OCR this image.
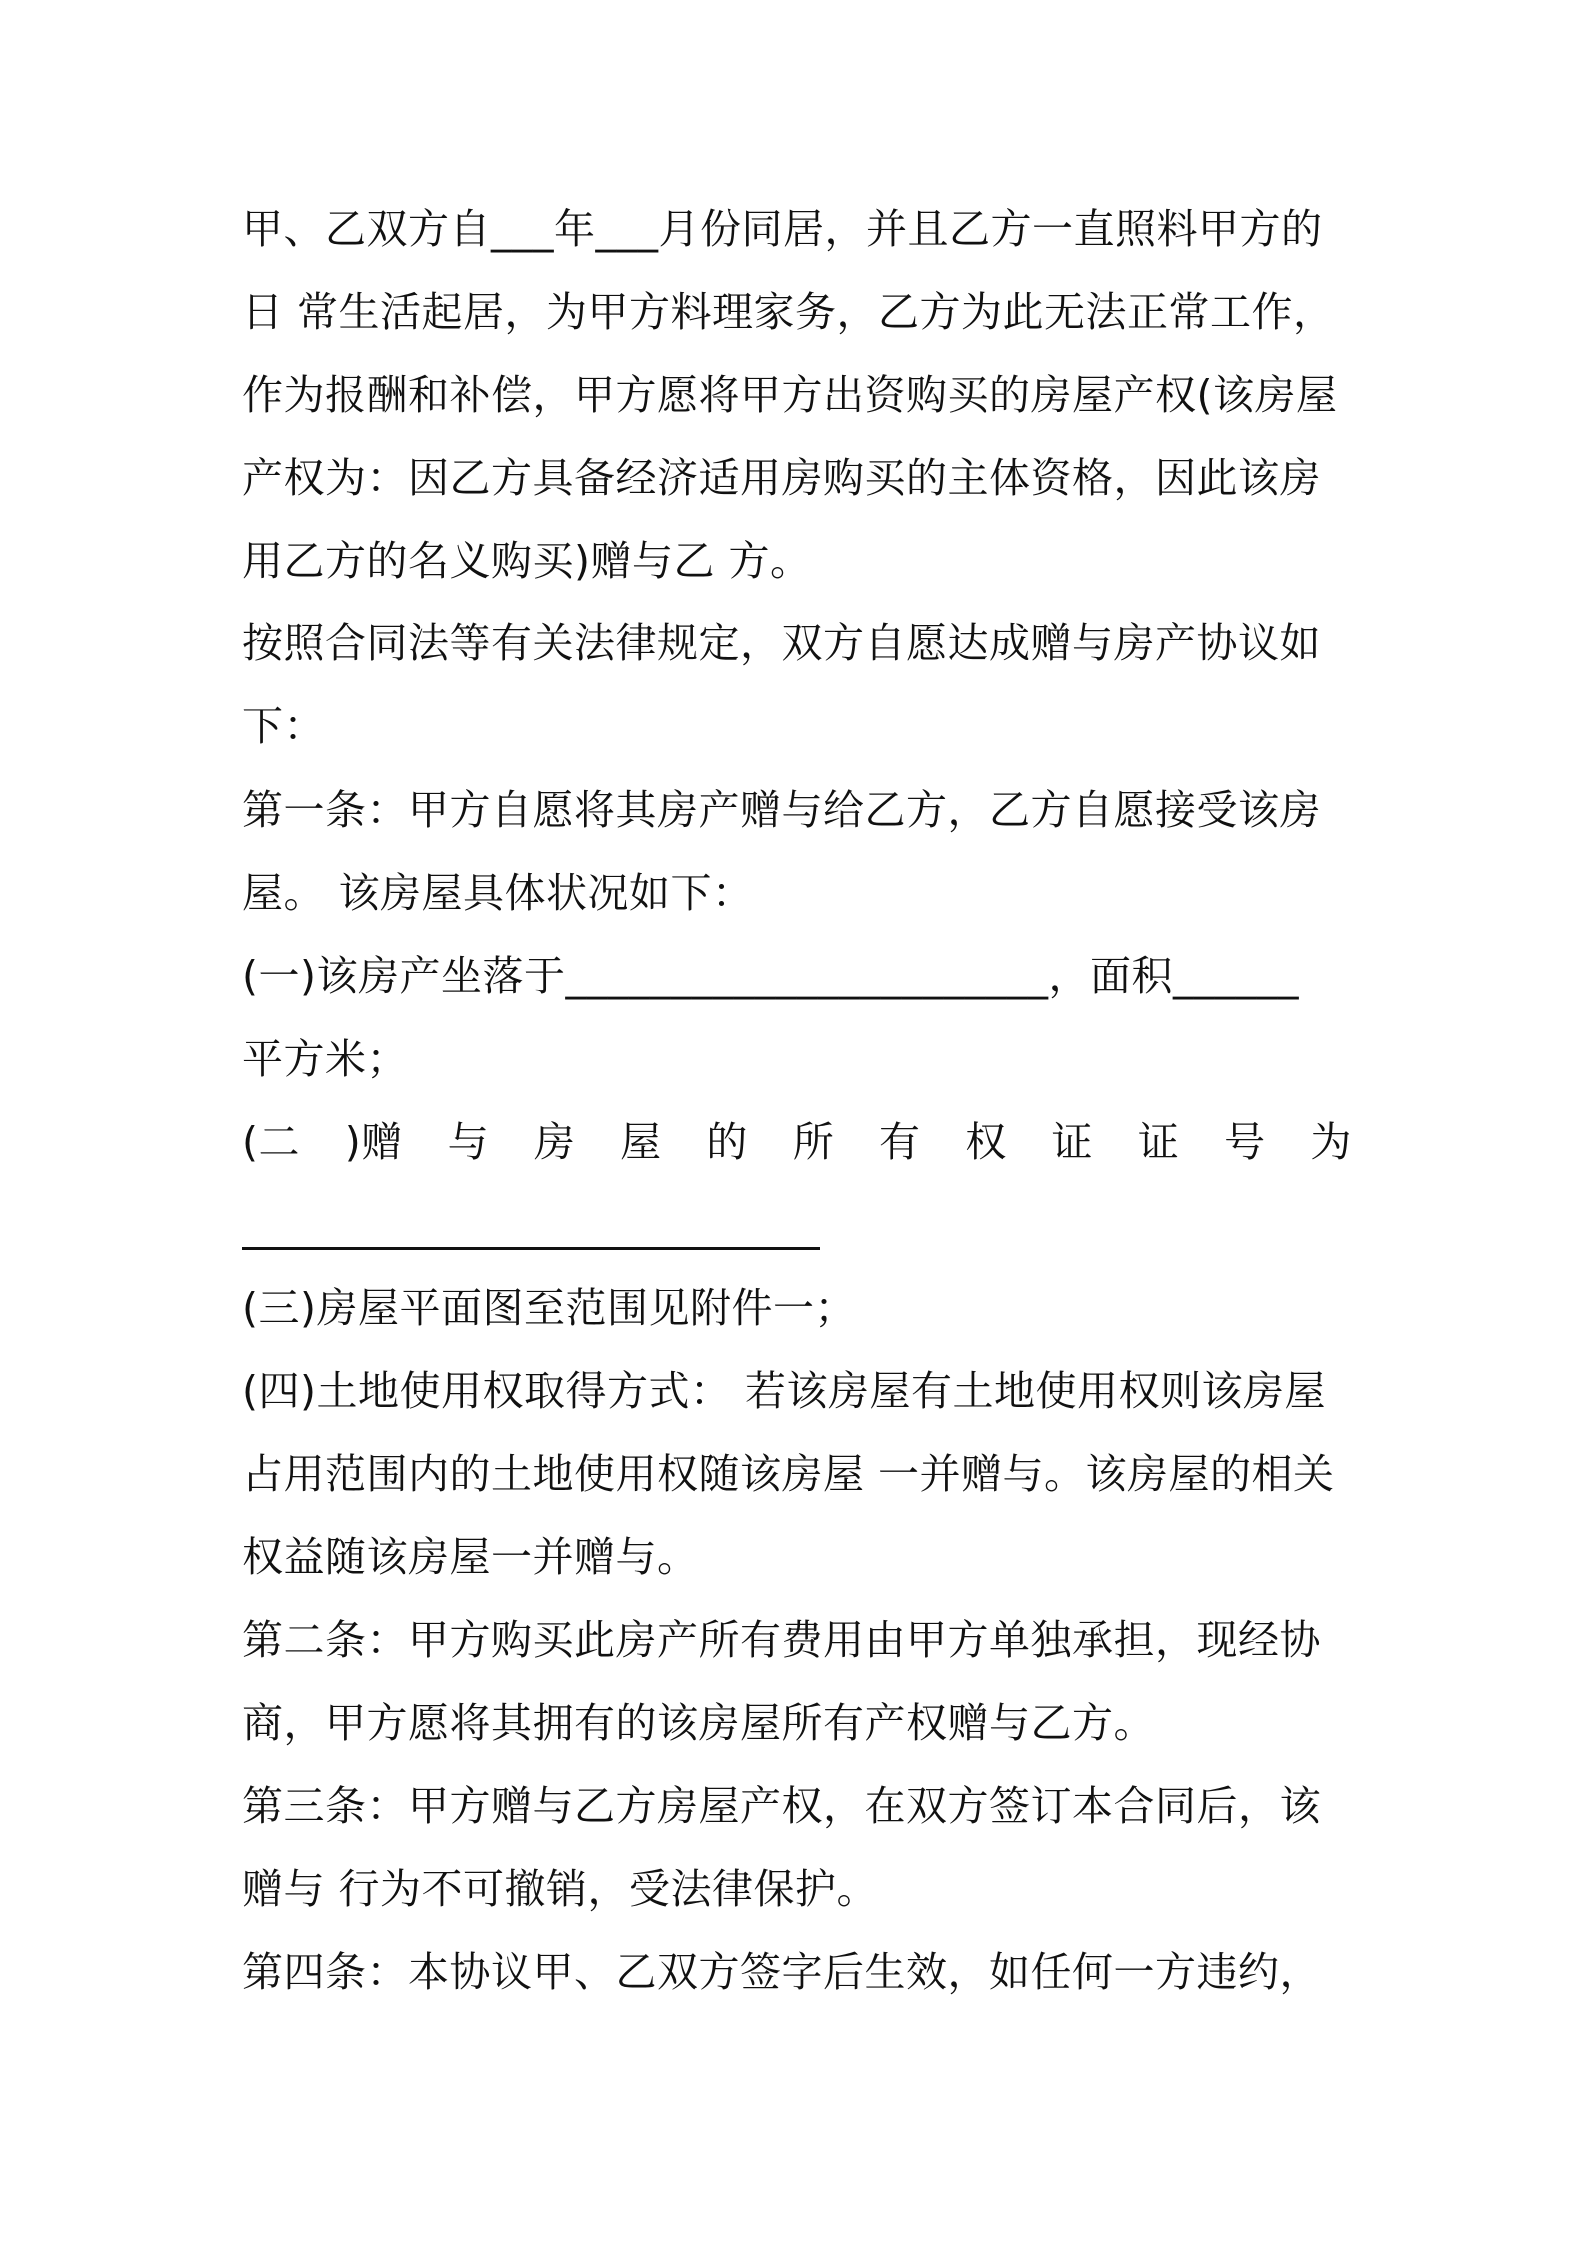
甲、乙双方自___年___月份同居，并且乙方一直照料甲方的
日 常生活起居，为甲方料理家务，乙方为此无法正常工作，
作为报酬和补偿，甲方愿将甲方出资购买的房屋产权(该房屋
产权为：因乙方具备经济适用房购买的主体资格，因此该房
用乙方的名义购买)赠与乙 方。
按照合同法等有关法律规定，双方自愿达成赠与房产协议如
下：
第一条：甲方自愿将其房产赠与给乙方，乙方自愿接受该房
屋。 该房屋具体状况如下：
(一)该房产坐落于_______________________，面积______
平方米；
(二 )赠 与 房 屋 的 所 有 权 证 证 号 为
(三)房屋平面图至范围见附件一；
(四)土地使用权取得方式： 若该房屋有土地使用权则该房屋
占用范围内的土地使用权随该房屋 一并赠与。该房屋的相关
权益随该房屋一并赠与。
第二条：甲方购买此房产所有费用由甲方单独承担，现经协
商，甲方愿将其拥有的该房屋所有产权赠与乙方。
第三条：甲方赠与乙方房屋产权，在双方签订本合同后，该
赠与 行为不可撤销，受法律保护。
第四条：本协议甲、乙双方签字后生效，如任何一方违约，
